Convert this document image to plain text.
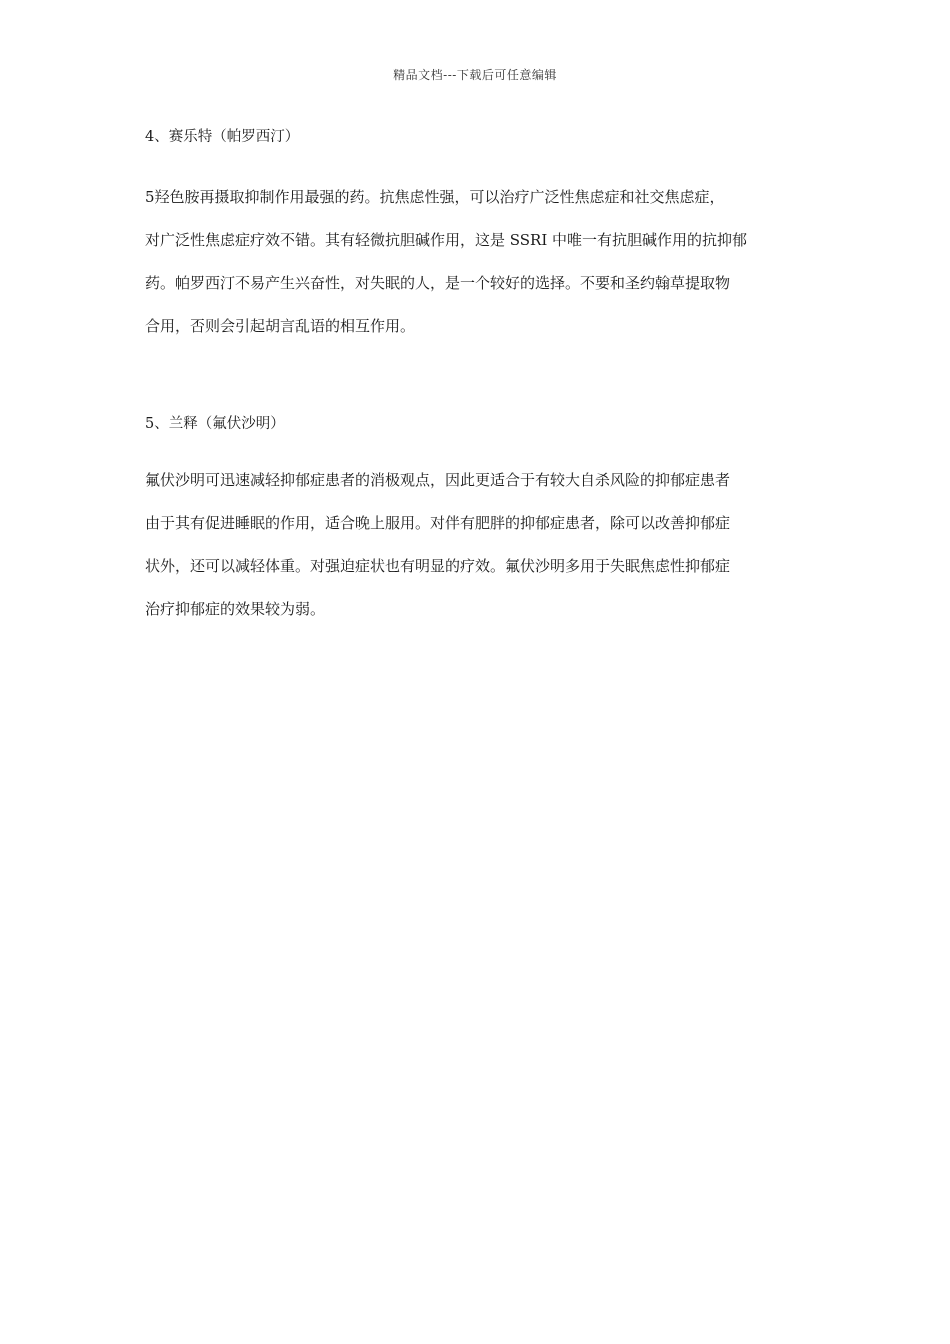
精品文档---下载后可任意编辑

4、赛乐特（帕罗西汀）

5羟色胺再摄取抑制作用最强的药。抗焦虑性强，可以治疗广泛性焦虑症和社交焦虑症，
对广泛性焦虑症疗效不错。其有轻微抗胆碱作用，这是 SSRI 中唯一有抗胆碱作用的抗抑郁
药。帕罗西汀不易产生兴奋性，对失眠的人，是一个较好的选择。不要和圣约翰草提取物
合用，否则会引起胡言乱语的相互作用。

5、兰释（氟伏沙明）

氟伏沙明可迅速减轻抑郁症患者的消极观点，因此更适合于有较大自杀风险的抑郁症患者
由于其有促进睡眠的作用，适合晚上服用。对伴有肥胖的抑郁症患者，除可以改善抑郁症
状外，还可以减轻体重。对强迫症状也有明显的疗效。氟伏沙明多用于失眠焦虑性抑郁症
治疗抑郁症的效果较为弱。
